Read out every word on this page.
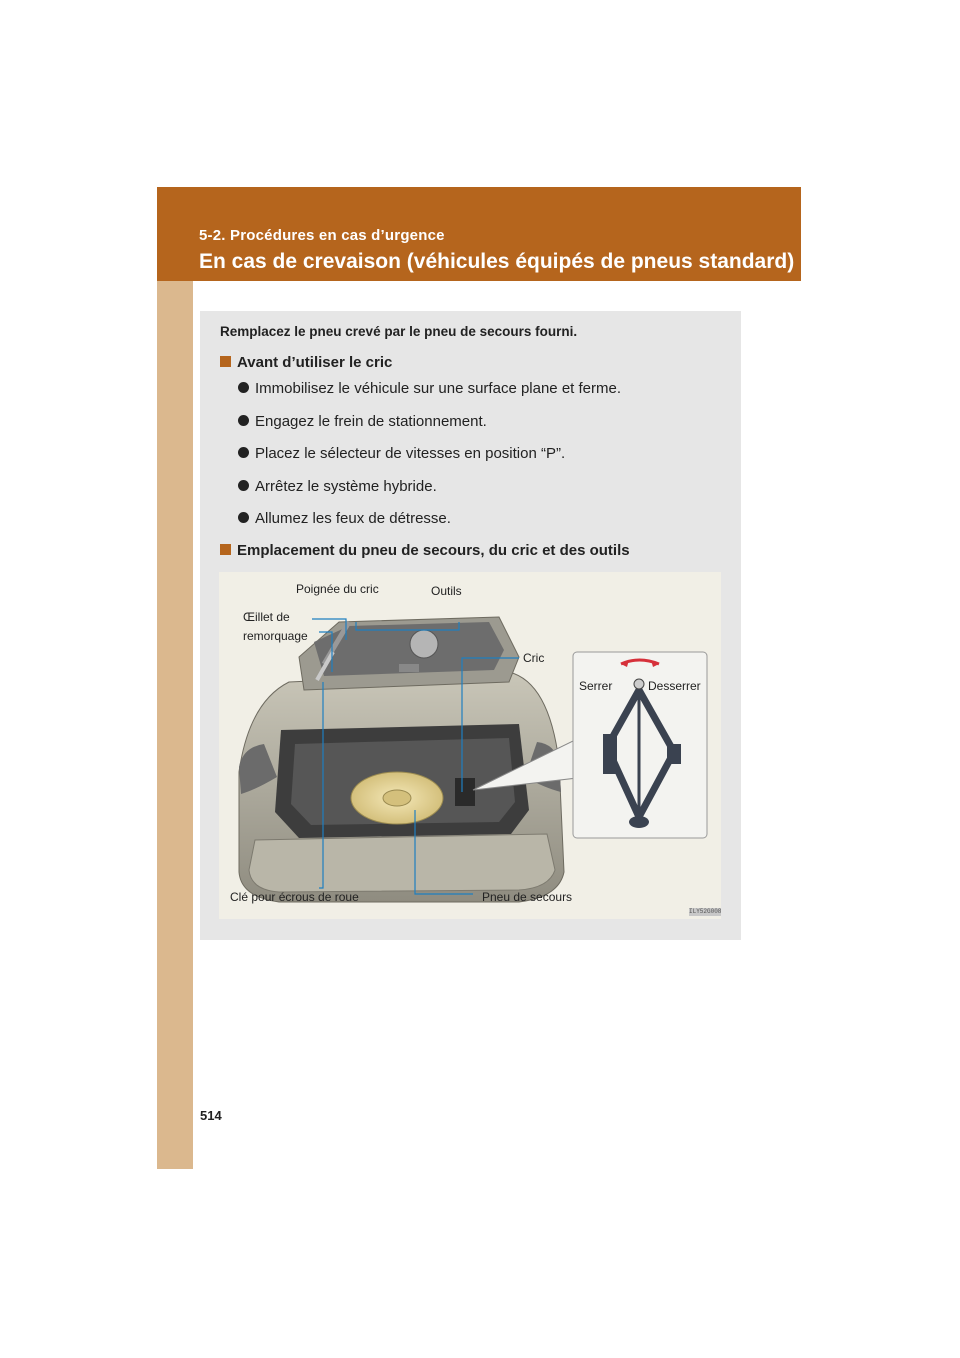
5-2. Procédures en cas d’urgence
En cas de crevaison (véhicules équipés de pneus standard)
Remplacez le pneu crevé par le pneu de secours fourni.
Avant d’utiliser le cric
Immobilisez le véhicule sur une surface plane et ferme.
Engagez le frein de stationnement.
Placez le sélecteur de vitesses en position “P”.
Arrêtez le système hybride.
Allumez les feux de détresse.
Emplacement du pneu de secours, du cric et des outils
Poignée du cric	Outils
Œillet de
remorquage
Cric
Serrer	Desserrer
Clé pour écrous de roue	Pneu de secours
ILY52G008
514
